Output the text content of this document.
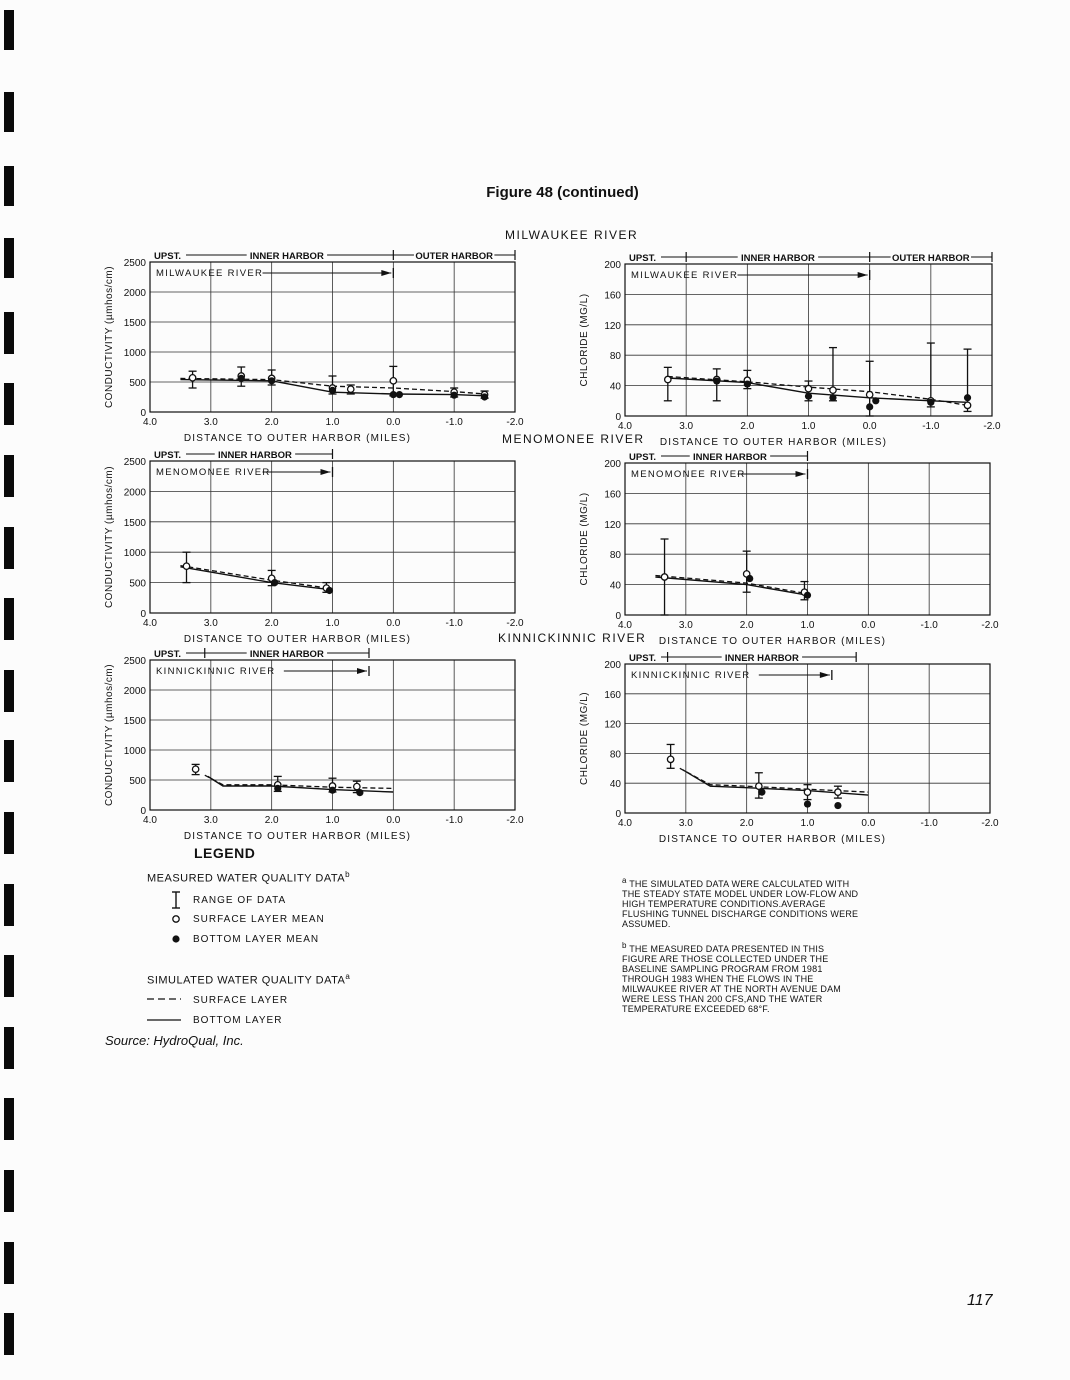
Figure 48 (continued)
MILWAUKEE RIVER
MENOMONEE RIVER
KINNICKINNIC RIVER
4.0	3.0	2.0	1.0	0.0	-1.0	-2.0
0
500
1000
1500
2000
2500
DISTANCE TO OUTER HARBOR (MILES)
CONDUCTIVITY (µmhos/cm)
UPST.	INNER HARBOR	OUTER HARBOR
MILWAUKEE RIVER
4.0	3.0	2.0	1.0	0.0	-1.0	-2.0
0
40
80
120
160
200
DISTANCE TO OUTER HARBOR (MILES)
CHLORIDE (MG/L)
UPST.	INNER HARBOR	OUTER HARBOR
MILWAUKEE RIVER
4.0	3.0	2.0	1.0	0.0	-1.0	-2.0
0
500
1000
1500
2000
2500
DISTANCE TO OUTER HARBOR (MILES)
CONDUCTIVITY (µmhos/cm)
UPST.	INNER HARBOR
MENOMONEE RIVER
4.0	3.0	2.0	1.0	0.0	-1.0	-2.0
0
40
80
120
160
200
DISTANCE TO OUTER HARBOR (MILES)
CHLORIDE (MG/L)
UPST.	INNER HARBOR
MENOMONEE RIVER
4.0	3.0	2.0	1.0	0.0	-1.0	-2.0
0
500
1000
1500
2000
2500
DISTANCE TO OUTER HARBOR (MILES)
CONDUCTIVITY (µmhos/cm)
UPST.	INNER HARBOR
KINNICKINNIC RIVER
4.0	3.0	2.0	1.0	0.0	-1.0	-2.0
0
40
80
120
160
200
DISTANCE TO OUTER HARBOR (MILES)
CHLORIDE (MG/L)
UPST.	INNER HARBOR
KINNICKINNIC RIVER
LEGEND
MEASURED WATER QUALITY DATA$^b$
RANGE OF DATA
SURFACE LAYER MEAN
BOTTOM LAYER MEAN
SIMULATED WATER QUALITY DATA$^a$
SURFACE LAYER
BOTTOM LAYER
Source: HydroQual, Inc.
$^a$ THE SIMULATED DATA WERE CALCULATED WITH THE STEADY STATE MODEL UNDER LOW-FLOW AND HIGH TEMPERATURE CONDITIONS.AVERAGE FLUSHING TUNNEL DISCHARGE CONDITIONS WERE ASSUMED.
$^b$ THE MEASURED DATA PRESENTED IN THIS FIGURE ARE THOSE COLLECTED UNDER THE BASELINE SAMPLING PROGRAM FROM 1981 THROUGH 1983 WHEN THE FLOWS IN THE MILWAUKEE RIVER AT THE NORTH AVENUE DAM WERE LESS THAN 200 CFS,AND THE WATER TEMPERATURE EXCEEDED 68°F.
117
